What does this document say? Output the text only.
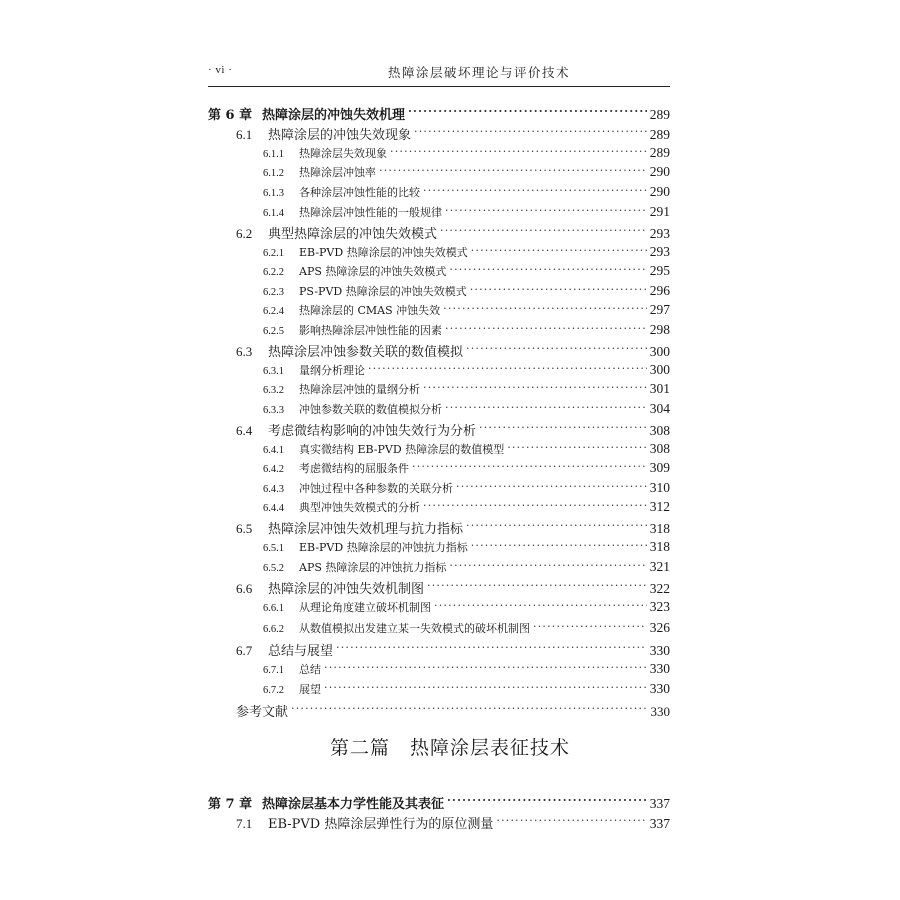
· vi ·	热障涂层破坏理论与评价技术
第 6 章 热障涂层的冲蚀失效机理 ·····	289
6.1	热障涂层的冲蚀失效现象 ·····	289
6.1.1	热障涂层失效现象 ·····	289
6.1.2	热障涂层冲蚀率 ·····	290
6.1.3	各种涂层冲蚀性能的比较 ·····	290
6.1.4	热障涂层冲蚀性能的一般规律 ·····	291
6.2	典型热障涂层的冲蚀失效模式 ·····	293
6.2.1	EB-PVD 热障涂层的冲蚀失效模式 ·····	293
6.2.2	APS 热障涂层的冲蚀失效模式 ·····	295
6.2.3	PS-PVD 热障涂层的冲蚀失效模式 ·····	296
6.2.4	热障涂层的 CMAS 冲蚀失效 ·····	297
6.2.5	影响热障涂层冲蚀性能的因素 ·····	298
6.3	热障涂层冲蚀参数关联的数值模拟 ·····	300
6.3.1	量纲分析理论 ·····	300
6.3.2	热障涂层冲蚀的量纲分析 ·····	301
6.3.3	冲蚀参数关联的数值模拟分析 ·····	304
6.4	考虑微结构影响的冲蚀失效行为分析 ·····	308
6.4.1	真实微结构 EB-PVD 热障涂层的数值模型 ·····	308
6.4.2	考虑微结构的屈服条件 ·····	309
6.4.3	冲蚀过程中各种参数的关联分析 ·····	310
6.4.4	典型冲蚀失效模式的分析 ·····	312
6.5	热障涂层冲蚀失效机理与抗力指标 ·····	318
6.5.1	EB-PVD 热障涂层的冲蚀抗力指标 ·····	318
6.5.2	APS 热障涂层的冲蚀抗力指标 ·····	321
6.6	热障涂层的冲蚀失效机制图 ·····	322
6.6.1	从理论角度建立破坏机制图 ·····	323
6.6.2	从数值模拟出发建立某一失效模式的破坏机制图 ·····	326
6.7	总结与展望 ·····	330
6.7.1	总结 ·····	330
6.7.2	展望 ·····	330
参考文献 ·····	330
第二篇 热障涂层表征技术
第 7 章 热障涂层基本力学性能及其表征 ·····	337
7.1	EB-PVD 热障涂层弹性行为的原位测量 ·····	337
